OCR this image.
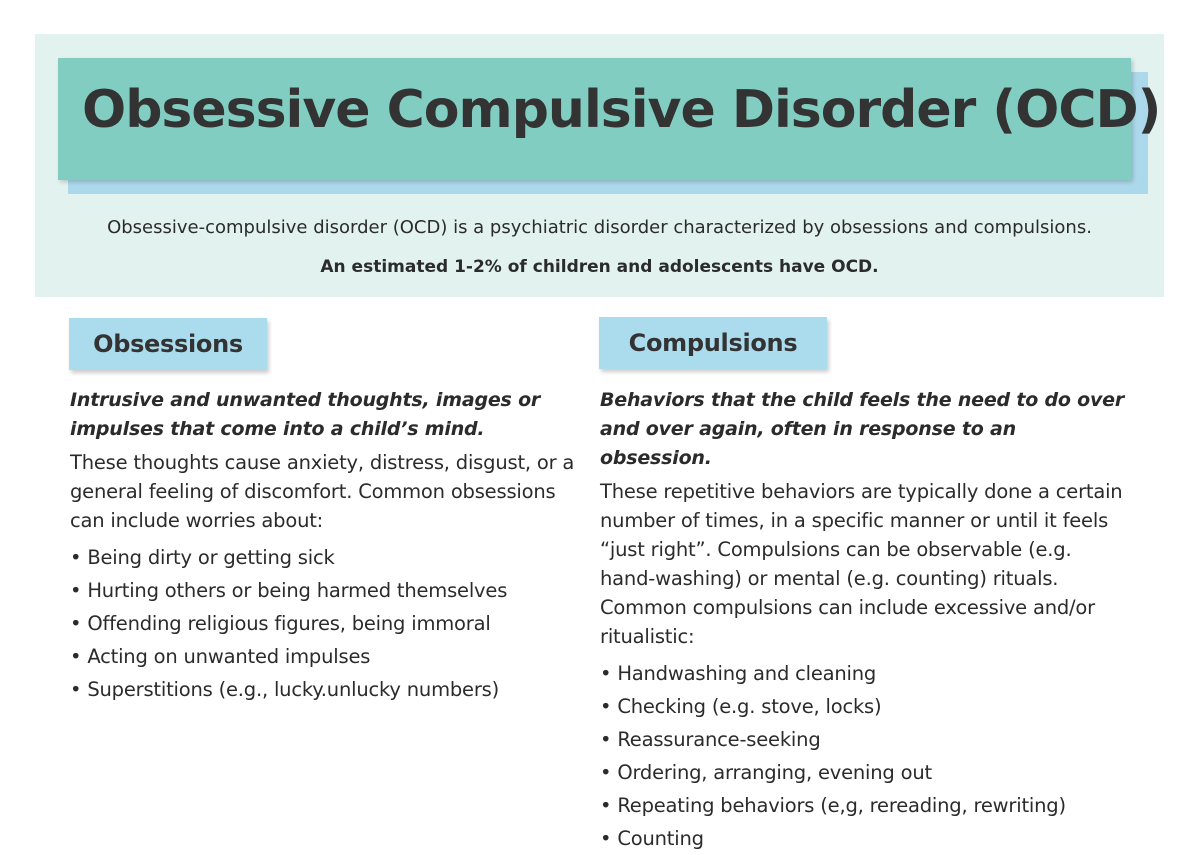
Obsessive Compulsive Disorder (OCD)

Obsessive-compulsive disorder (OCD) is a psychiatric disorder characterized by obsessions and compulsions.

An estimated 1-2% of children and adolescents have OCD.

Obsessions	Compulsions

Intrusive and unwanted thoughts, images or impulses that come into a child’s mind.

These thoughts cause anxiety, distress, disgust, or a general feeling of discomfort. Common obsessions can include worries about:

• Being dirty or getting sick
• Hurting others or being harmed themselves
• Offending religious figures, being immoral
• Acting on unwanted impulses
• Superstitions (e.g., lucky.unlucky numbers)

Behaviors that the child feels the need to do over and over again, often in response to an obsession.

These repetitive behaviors are typically done a certain number of times, in a specific manner or until it feels “just right”. Compulsions can be observable (e.g. hand-washing) or mental (e.g. counting) rituals. Common compulsions can include excessive and/or ritualistic:

• Handwashing and cleaning
• Checking (e.g. stove, locks)
• Reassurance-seeking
• Ordering, arranging, evening out
• Repeating behaviors (e,g, rereading, rewriting)
• Counting
